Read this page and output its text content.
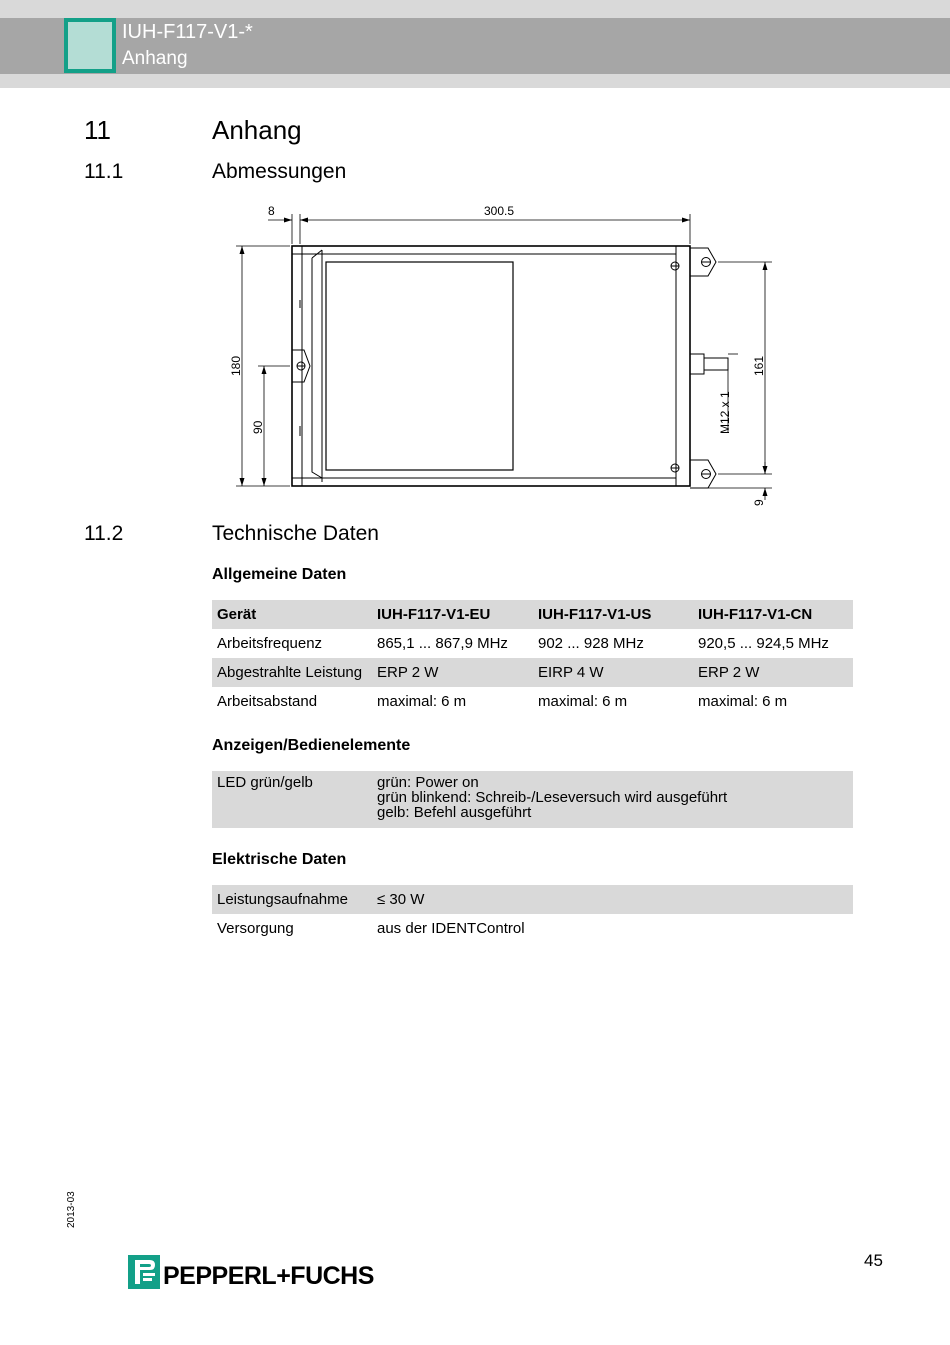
IUH-F117-V1-*
Anhang
11	Anhang
11.1	Abmessungen
8	300.5
180
90
161
9
M12 x 1
11.2	Technische Daten
Allgemeine Daten
Gerät	IUH-F117-V1-EU	IUH-F117-V1-US	IUH-F117-V1-CN
Arbeitsfrequenz	865,1 ... 867,9 MHz	902 ... 928 MHz	920,5 ... 924,5 MHz
Abgestrahlte Leistung	ERP 2 W	EIRP 4 W	ERP 2 W
Arbeitsabstand	maximal: 6 m	maximal: 6 m	maximal: 6 m
Anzeigen/Bedienelemente
LED grün/gelb	grün: Power on
grün blinkend: Schreib-/Leseversuch wird ausgeführt
gelb: Befehl ausgeführt
Elektrische Daten
Leistungsaufnahme	≤ 30 W
Versorgung	aus der IDENTControl
2013-03
PEPPERL+FUCHS
45
